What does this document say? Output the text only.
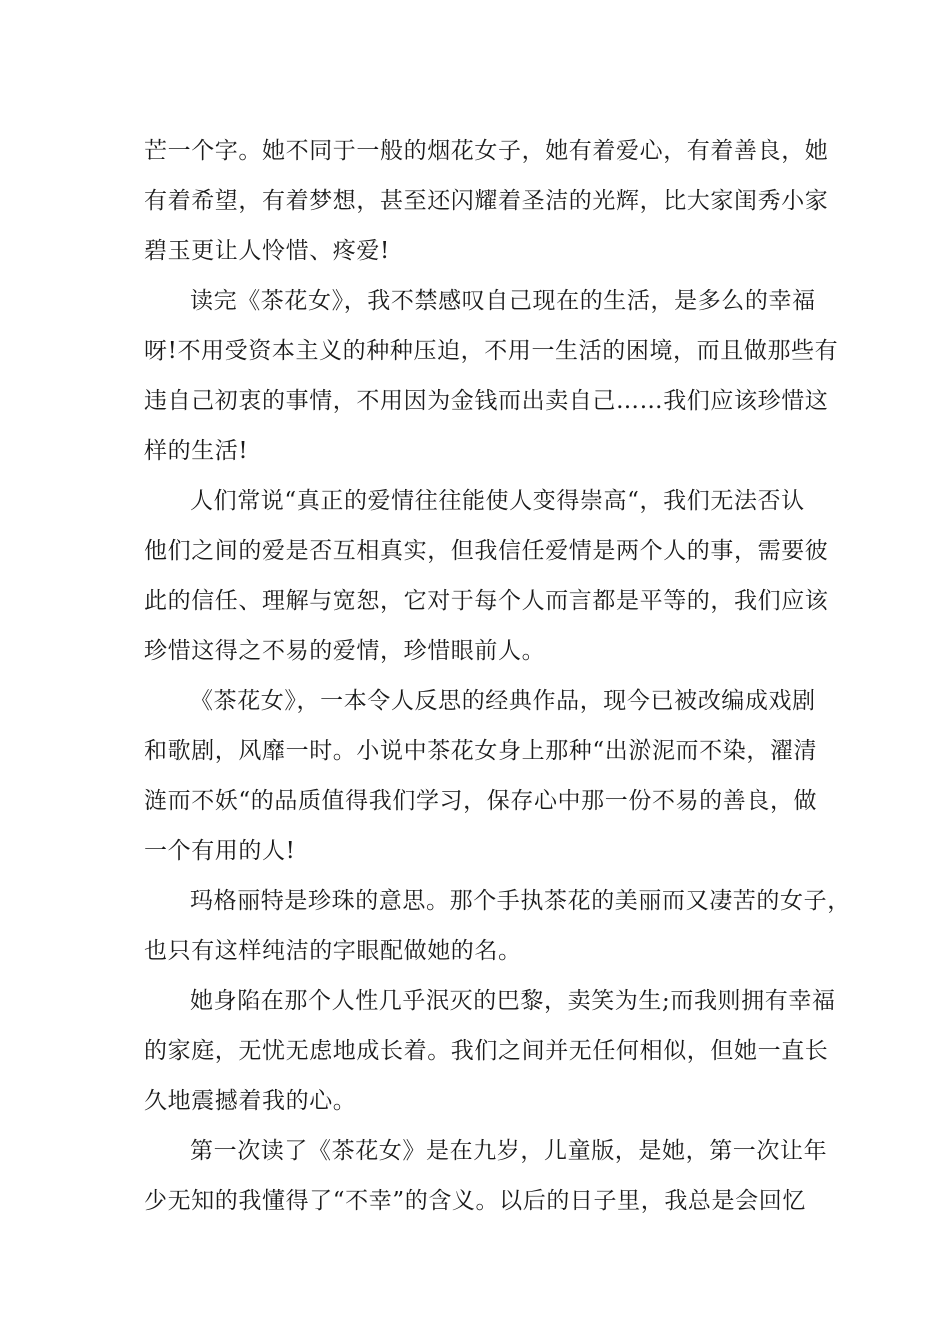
芒一个字。她不同于一般的烟花女子，她有着爱心，有着善良，她
有着希望，有着梦想，甚至还闪耀着圣洁的光辉，比大家闺秀小家
碧玉更让人怜惜、疼爱!
读完《茶花女》，我不禁感叹自己现在的生活，是多么的幸福
呀!不用受资本主义的种种压迫，不用一生活的困境，而且做那些有
违自己初衷的事情，不用因为金钱而出卖自己……我们应该珍惜这
样的生活!
人们常说“真正的爱情往往能使人变得崇高“，我们无法否认
他们之间的爱是否互相真实，但我信任爱情是两个人的事，需要彼
此的信任、理解与宽恕，它对于每个人而言都是平等的，我们应该
珍惜这得之不易的爱情，珍惜眼前人。
《茶花女》，一本令人反思的经典作品，现今已被改编成戏剧
和歌剧，风靡一时。小说中茶花女身上那种“出淤泥而不染，濯清
涟而不妖“的品质值得我们学习，保存心中那一份不易的善良，做
一个有用的人!
玛格丽特是珍珠的意思。那个手执茶花的美丽而又凄苦的女子，
也只有这样纯洁的字眼配做她的名。
她身陷在那个人性几乎泯灭的巴黎，卖笑为生;而我则拥有幸福
的家庭，无忧无虑地成长着。我们之间并无任何相似，但她一直长
久地震撼着我的心。
第一次读了《茶花女》是在九岁，儿童版，是她，第一次让年
少无知的我懂得了“不幸”的含义。以后的日子里，我总是会回忆
